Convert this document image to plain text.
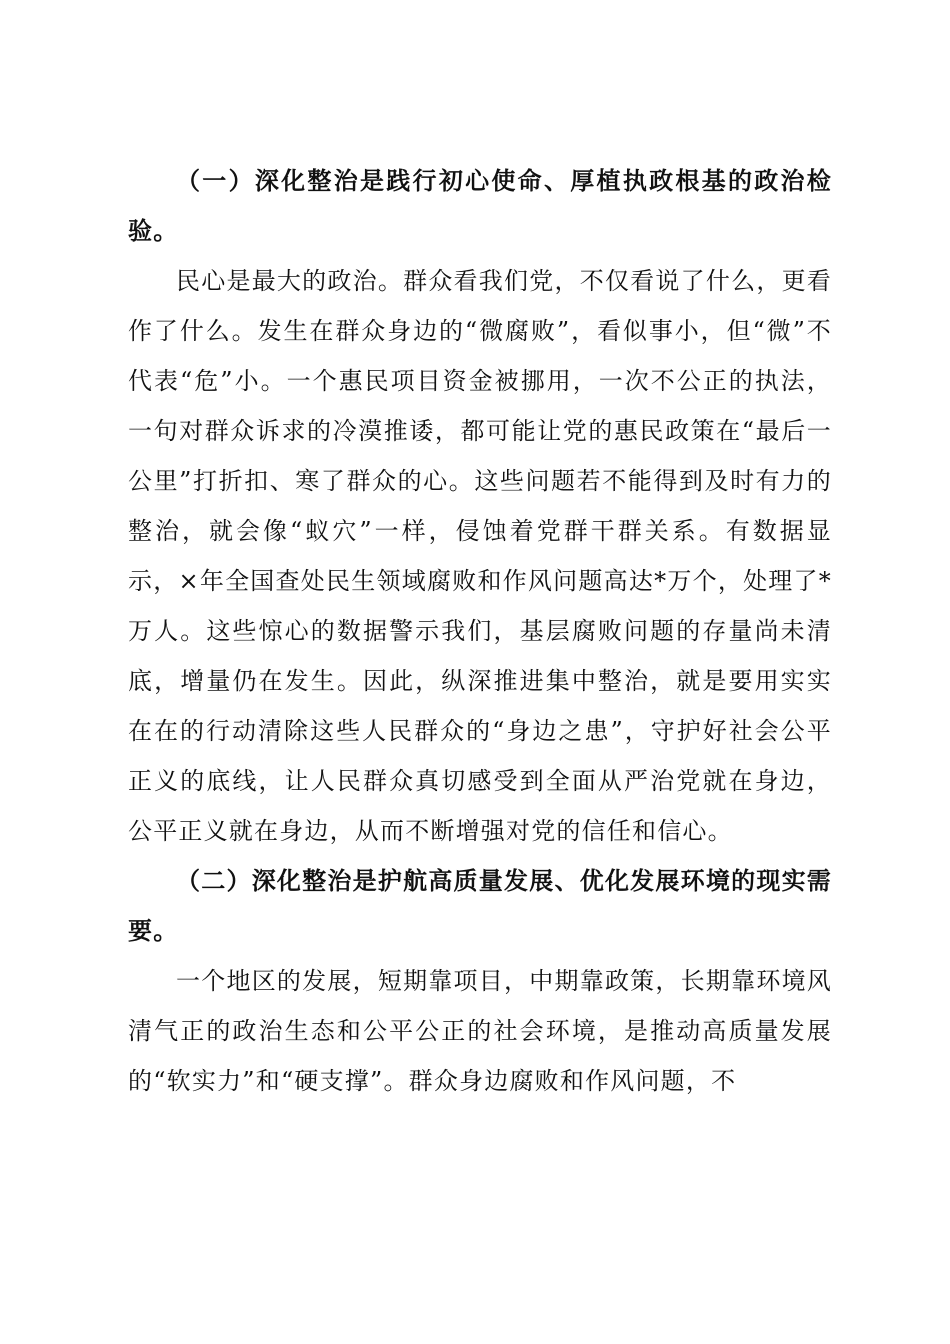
（一）深化整治是践行初心使命、厚植执政根基的政治检验。

民心是最大的政治。群众看我们党，不仅看说了什么，更看作了什么。发生在群众身边的“微腐败”，看似事小，但“微”不代表“危”小。一个惠民项目资金被挪用，一次不公正的执法，一句对群众诉求的冷漠推诿，都可能让党的惠民政策在“最后一公里”打折扣、寒了群众的心。这些问题若不能得到及时有力的整治，就会像“蚁穴”一样，侵蚀着党群干群关系。有数据显示，×年全国查处民生领域腐败和作风问题高达*万个，处理了*万人。这些惊心的数据警示我们，基层腐败问题的存量尚未清底，增量仍在发生。因此，纵深推进集中整治，就是要用实实在在的行动清除这些人民群众的“身边之患”，守护好社会公平正义的底线，让人民群众真切感受到全面从严治党就在身边，公平正义就在身边，从而不断增强对党的信任和信心。

（二）深化整治是护航高质量发展、优化发展环境的现实需要。

一个地区的发展，短期靠项目，中期靠政策，长期靠环境风清气正的政治生态和公平公正的社会环境，是推动高质量发展的“软实力”和“硬支撑”。群众身边腐败和作风问题，不
